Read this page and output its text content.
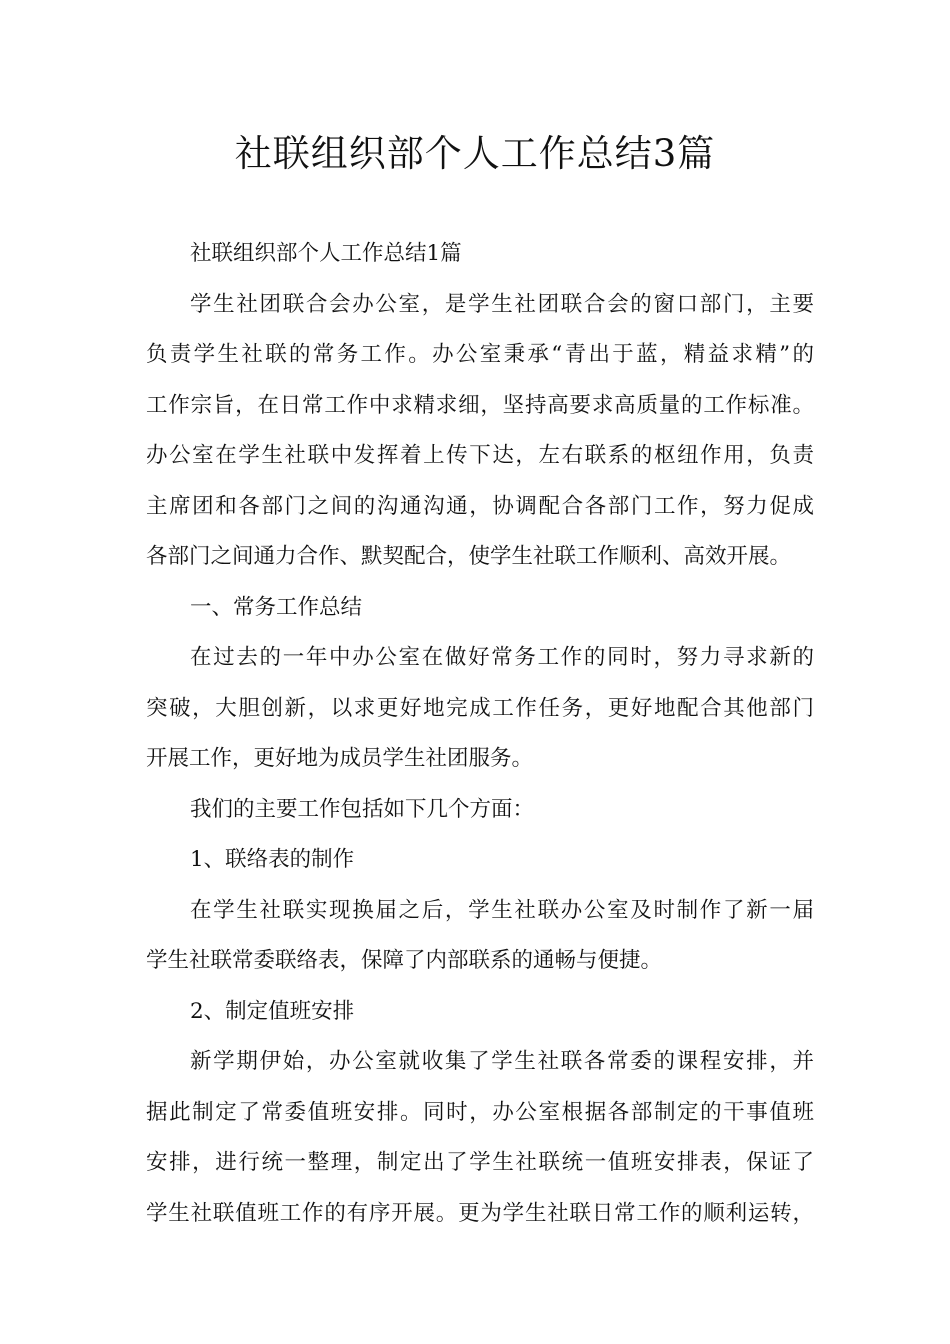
社联组织部个人工作总结3篇
社联组织部个人工作总结1篇
学生社团联合会办公室，是学生社团联合会的窗口部门，主要
负责学生社联的常务工作。办公室秉承“青出于蓝，精益求精”的
工作宗旨，在日常工作中求精求细，坚持高要求高质量的工作标准。
办公室在学生社联中发挥着上传下达，左右联系的枢纽作用，负责
主席团和各部门之间的沟通沟通，协调配合各部门工作，努力促成
各部门之间通力合作、默契配合，使学生社联工作顺利、高效开展。
一、常务工作总结
在过去的一年中办公室在做好常务工作的同时，努力寻求新的
突破，大胆创新，以求更好地完成工作任务，更好地配合其他部门
开展工作，更好地为成员学生社团服务。
我们的主要工作包括如下几个方面：
1、联络表的制作
在学生社联实现换届之后，学生社联办公室及时制作了新一届
学生社联常委联络表，保障了内部联系的通畅与便捷。
2、制定值班安排
新学期伊始，办公室就收集了学生社联各常委的课程安排，并
据此制定了常委值班安排。同时，办公室根据各部制定的干事值班
安排，进行统一整理，制定出了学生社联统一值班安排表，保证了
学生社联值班工作的有序开展。更为学生社联日常工作的顺利运转，
